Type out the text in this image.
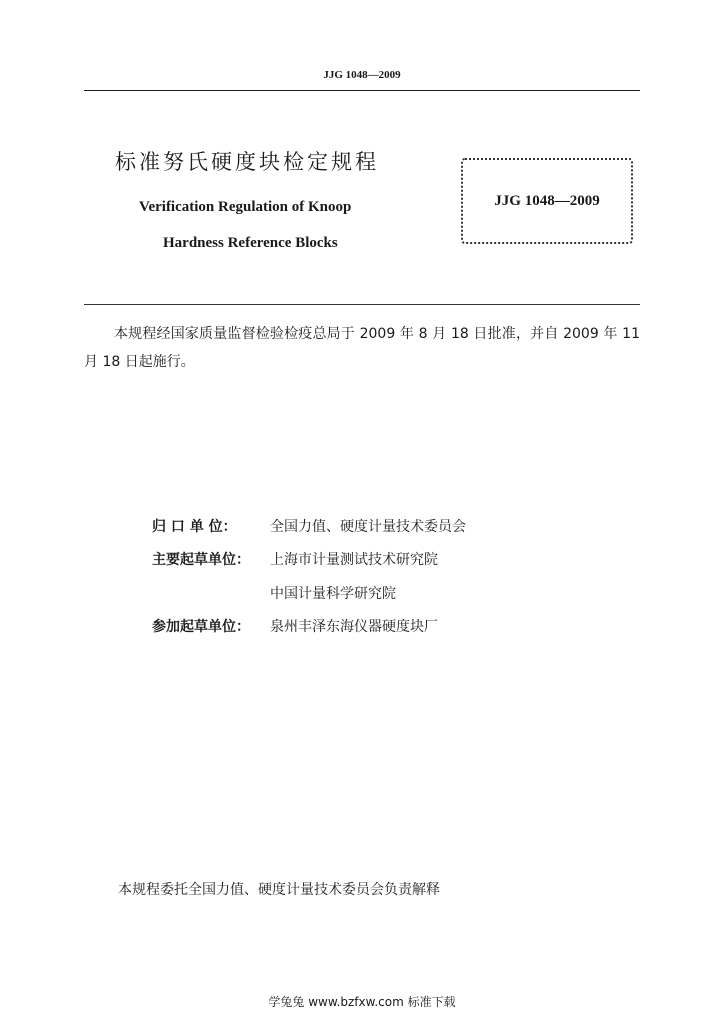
JJG 1048—2009
标准努氏硬度块检定规程
Verification Regulation of Knoop
Hardness Reference Blocks
JJG 1048—2009
本规程经国家质量监督检验检疫总局于 2009 年 8 月 18 日批准，并自 2009 年 11 月 18 日起施行。
归 口 单 位： 全国力值、硬度计量技术委员会
主要起草单位： 上海市计量测试技术研究院
中国计量科学研究院
参加起草单位： 泉州丰泽东海仪器硬度块厂
本规程委托全国力值、硬度计量技术委员会负责解释
学兔兔 www.bzfxw.com 标准下载
